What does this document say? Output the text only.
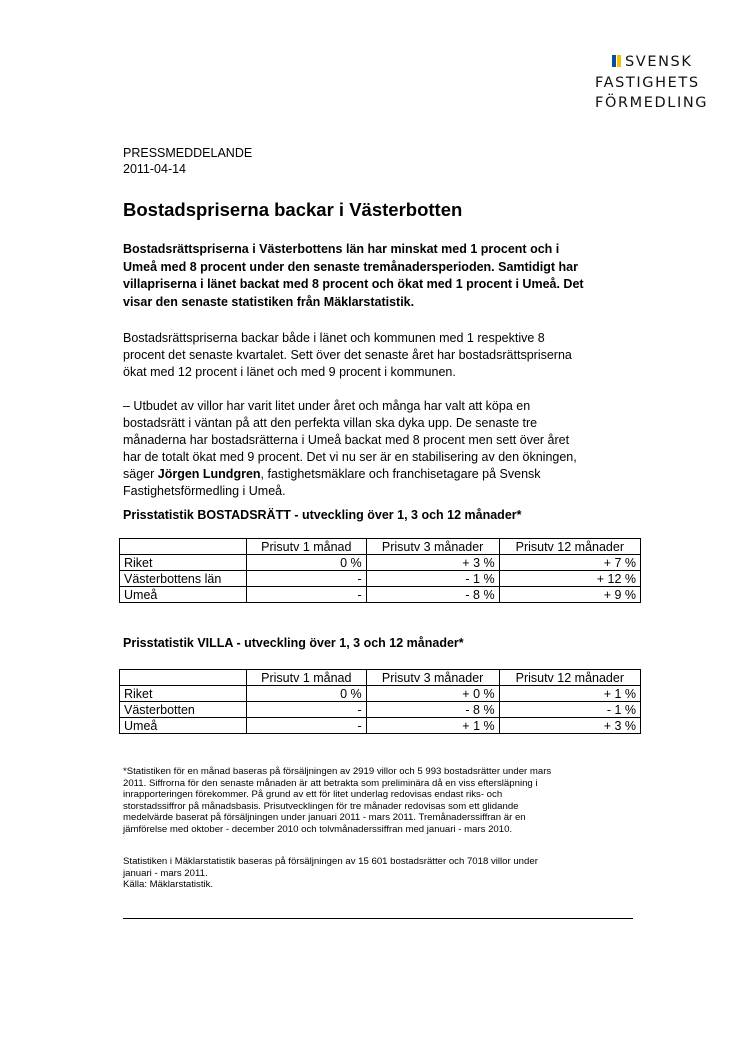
SVENSK
FASTIGHETS
FÖRMEDLING
PRESSMEDDELANDE
2011-04-14
Bostadspriserna backar i Västerbotten

Bostadsrättspriserna i Västerbottens län har minskat med 1 procent och i
Umeå med 8 procent under den senaste tremånadersperioden. Samtidigt har
villapriserna i länet backat med 8 procent och ökat med 1 procent i Umeå. Det
visar den senaste statistiken från Mäklarstatistik.

Bostadsrättspriserna backar både i länet och kommunen med 1 respektive 8
procent det senaste kvartalet. Sett över det senaste året har bostadsrättspriserna
ökat med 12 procent i länet och med 9 procent i kommunen.

– Utbudet av villor har varit litet under året och många har valt att köpa en
bostadsrätt i väntan på att den perfekta villan ska dyka upp. De senaste tre
månaderna har bostadsrätterna i Umeå backat med 8 procent men sett över året
har de totalt ökat med 9 procent. Det vi nu ser är en stabilisering av den ökningen,
säger Jörgen Lundgren, fastighetsmäklare och franchisetagare på Svensk
Fastighetsförmedling i Umeå.

Prisstatistik BOSTADSRÄTT - utveckling över 1, 3 och 12 månader*

	Prisutv 1 månad	Prisutv 3 månader	Prisutv 12 månader
Riket	0 %	+ 3 %	+ 7 %
Västerbottens län	-	- 1 %	+ 12 %
Umeå	-	- 8 %	+ 9 %

Prisstatistik VILLA - utveckling över 1, 3 och 12 månader*

	Prisutv 1 månad	Prisutv 3 månader	Prisutv 12 månader
Riket	0 %	+ 0 %	+ 1 %
Västerbotten	-	- 8 %	- 1 %
Umeå	-	+ 1 %	+ 3 %

*Statistiken för en månad baseras på försäljningen av 2919 villor och 5 993 bostadsrätter under mars
2011. Siffrorna för den senaste månaden är att betrakta som preliminära då en viss eftersläpning i
inrapporteringen förekommer. På grund av ett för litet underlag redovisas endast riks- och
storstadssiffror på månadsbasis. Prisutvecklingen för tre månader redovisas som ett glidande
medelvärde baserat på försäljningen under januari 2011 - mars 2011. Tremånaderssiffran är en
jämförelse med oktober - december 2010 och tolvmånaderssiffran med januari - mars 2010.

Statistiken i Mäklarstatistik baseras på försäljningen av 15 601 bostadsrätter och 7018 villor under
januari - mars 2011.
Källa: Mäklarstatistik.
